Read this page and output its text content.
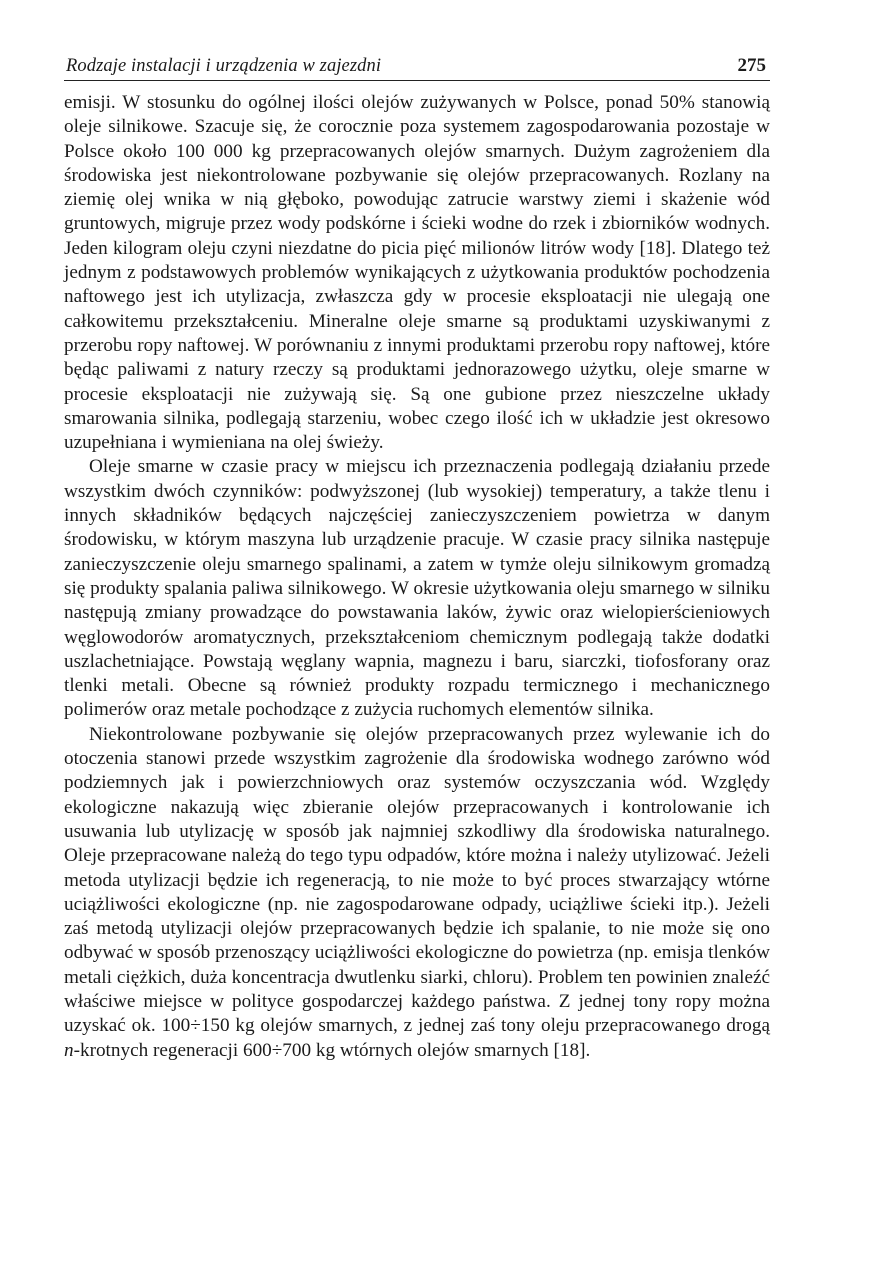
Rodzaje instalacji i urządzenia w zajezdni	275

emisji. W stosunku do ogólnej ilości olejów zużywanych w Polsce, ponad 50% stanowią oleje silnikowe. Szacuje się, że corocznie poza systemem zagospodarowania pozostaje w Polsce około 100 000 kg przepracowanych olejów smarnych. Dużym zagrożeniem dla środowiska jest niekontrolowane pozbywanie się olejów przepracowanych. Rozlany na ziemię olej wnika w nią głęboko, powodując zatrucie warstwy ziemi i skażenie wód gruntowych, migruje przez wody podskórne i ścieki wodne do rzek i zbiorników wodnych. Jeden kilogram oleju czyni niezdatne do picia pięć milionów litrów wody [18]. Dlatego też jednym z podstawowych problemów wynikających z użytkowania produktów pochodzenia naftowego jest ich utylizacja, zwłaszcza gdy w procesie eksploatacji nie ulegają one całkowitemu przekształceniu. Mineralne oleje smarne są produktami uzyskiwanymi z przerobu ropy naftowej. W porównaniu z innymi produktami przerobu ropy naftowej, które będąc paliwami z natury rzeczy są produktami jednorazowego użytku, oleje smarne w procesie eksploatacji nie zużywają się. Są one gubione przez nieszczelne układy smarowania silnika, podlegają starzeniu, wobec czego ilość ich w układzie jest okresowo uzupełniana i wymieniana na olej świeży.

Oleje smarne w czasie pracy w miejscu ich przeznaczenia podlegają działaniu przede wszystkim dwóch czynników: podwyższonej (lub wysokiej) temperatury, a także tlenu i innych składników będących najczęściej zanieczyszczeniem powietrza w danym środowisku, w którym maszyna lub urządzenie pracuje. W czasie pracy silnika następuje zanieczyszczenie oleju smarnego spalinami, a zatem w tymże oleju silnikowym gromadzą się produkty spalania paliwa silnikowego. W okresie użytkowania oleju smarnego w silniku następują zmiany prowadzące do powstawania laków, żywic oraz wielopierścieniowych węglowodorów aromatycznych, przekształceniom chemicznym podlegają także dodatki uszlachetniające. Powstają węglany wapnia, magnezu i baru, siarczki, tiofosforany oraz tlenki metali. Obecne są również produkty rozpadu termicznego i mechanicznego polimerów oraz metale pochodzące z zużycia ruchomych elementów silnika.

Niekontrolowane pozbywanie się olejów przepracowanych przez wylewanie ich do otoczenia stanowi przede wszystkim zagrożenie dla środowiska wodnego zarówno wód podziemnych jak i powierzchniowych oraz systemów oczyszczania wód. Względy ekologiczne nakazują więc zbieranie olejów przepracowanych i kontrolowanie ich usuwania lub utylizację w sposób jak najmniej szkodliwy dla środowiska naturalnego. Oleje przepracowane należą do tego typu odpadów, które można i należy utylizować. Jeżeli metoda utylizacji będzie ich regeneracją, to nie może to być proces stwarzający wtórne uciążliwości ekologiczne (np. nie zagospodarowane odpady, uciążliwe ścieki itp.). Jeżeli zaś metodą utylizacji olejów przepracowanych będzie ich spalanie, to nie może się ono odbywać w sposób przenoszący uciążliwości ekologiczne do powietrza (np. emisja tlenków metali ciężkich, duża koncentracja dwutlenku siarki, chloru). Problem ten powinien znaleźć właściwe miejsce w polityce gospodarczej każdego państwa. Z jednej tony ropy można uzyskać ok. 100÷150 kg olejów smarnych, z jednej zaś tony oleju przepracowanego drogą n-krotnych regeneracji 600÷700 kg wtórnych olejów smarnych [18].
